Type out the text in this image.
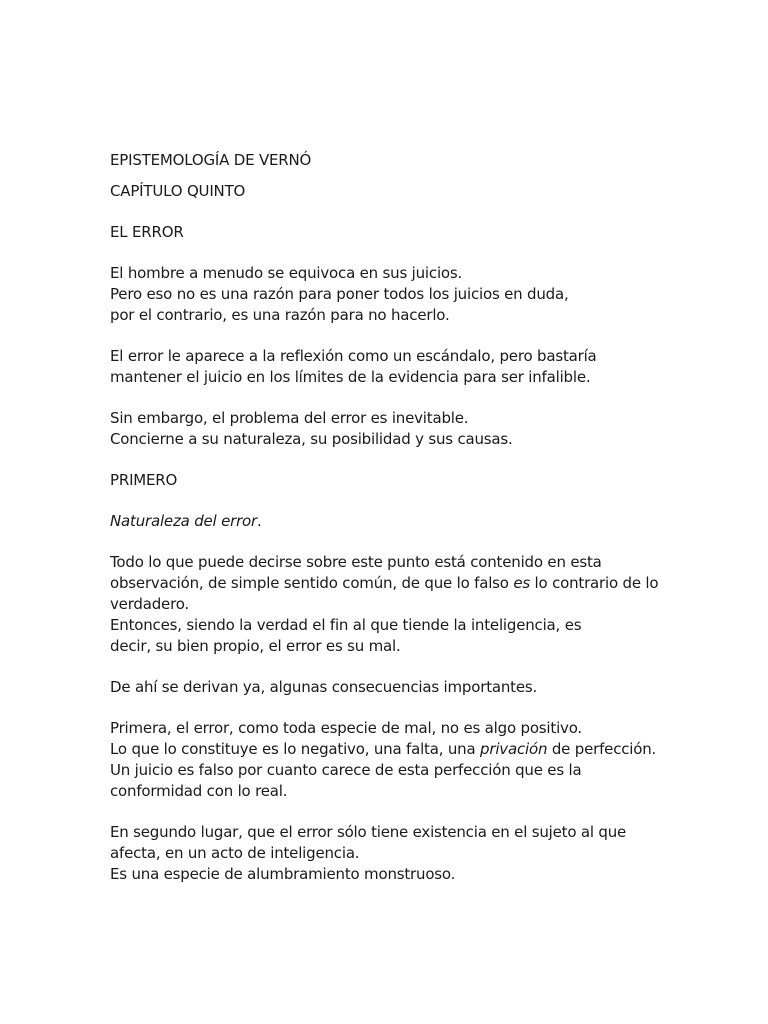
EPISTEMOLOGÍA DE VERNÓ
CAPÍTULO QUINTO
EL ERROR
El hombre a menudo se equivoca en sus juicios.
Pero eso no es una razón para poner todos los juicios en duda,
por el contrario, es una razón para no hacerlo.
El error le aparece a la reflexión como un escándalo, pero bastaría
mantener el juicio en los límites de la evidencia para ser infalible.
Sin embargo, el problema del error es inevitable.
Concierne a su naturaleza, su posibilidad y sus causas.
PRIMERO
Naturaleza del error.
Todo lo que puede decirse sobre este punto está contenido en esta
observación, de simple sentido común, de que lo falso es lo contrario de lo
verdadero.
Entonces, siendo la verdad el fin al que tiende la inteligencia, es
decir, su bien propio, el error es su mal.
De ahí se derivan ya, algunas consecuencias importantes.
Primera, el error, como toda especie de mal, no es algo positivo.
Lo que lo constituye es lo negativo, una falta, una privación de perfección.
Un juicio es falso por cuanto carece de esta perfección que es la
conformidad con lo real.
En segundo lugar, que el error sólo tiene existencia en el sujeto al que
afecta, en un acto de inteligencia.
Es una especie de alumbramiento monstruoso.
